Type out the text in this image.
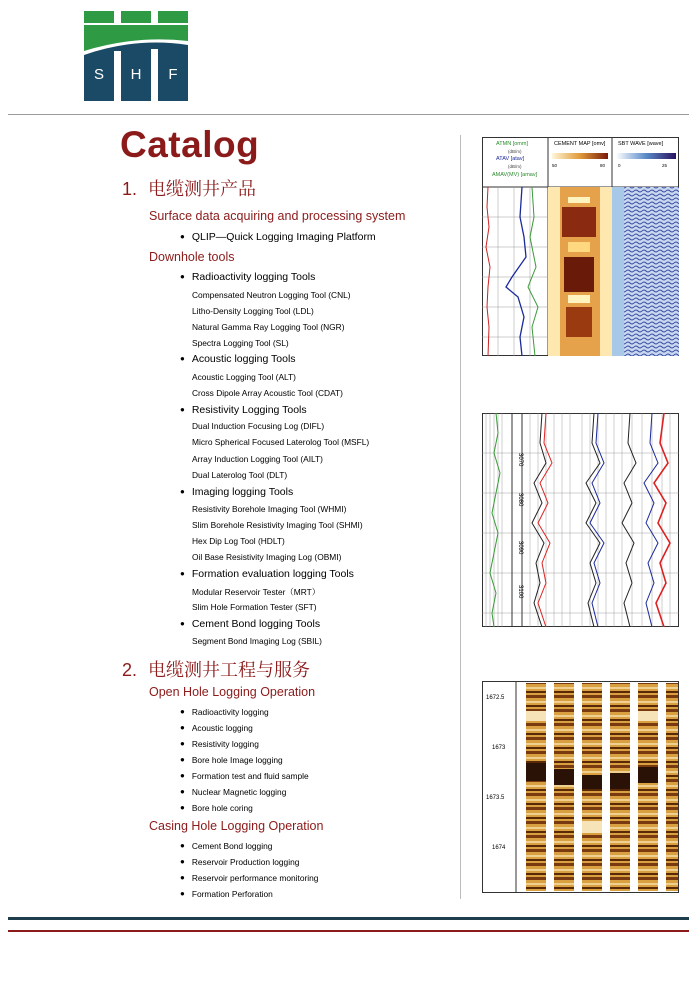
S H F
Catalog
1. 电缆测井产品
Surface data acquiring and processing system
● QLIP—Quick Logging Imaging Platform
Downhole tools
● Radioactivity logging Tools
Compensated Neutron Logging Tool (CNL)
Litho-Density Logging Tool (LDL)
Natural Gamma Ray Logging Tool (NGR)
Spectra Logging Tool (SL)
● Acoustic logging Tools
Acoustic Logging Tool (ALT)
Cross Dipole Array Acoustic Tool (CDAT)
● Resistivity Logging Tools
Dual Induction Focusing Log (DIFL)
Micro Spherical Focused Laterolog Tool (MSFL)
Array Induction Logging Tool (AILT)
Dual Laterolog Tool (DLT)
● Imaging logging Tools
Resistivity Borehole Imaging Tool (WHMI)
Slim Borehole Resistivity Imaging Tool (SHMI)
Hex Dip Log Tool (HDLT)
Oil Base Resistivity Imaging Log (OBMI)
● Formation evaluation logging Tools
Modular Reservoir Tester（MRT）
Slim Hole Formation Tester (SFT)
● Cement Bond logging Tools
Segment Bond Imaging Log (SBIL)
2. 电缆测井工程与服务
Open Hole Logging Operation
● Radioactivity logging
● Acoustic logging
● Resistivity logging
● Bore hole Image logging
● Formation test and fluid sample
● Nuclear Magnetic logging
● Bore hole coring
Casing Hole Logging Operation
● Cement Bond logging
● Reservoir Production logging
● Reservoir performance monitoring
● Formation Perforation
ATMN [omm]	CEMENT MAP [omv] SBT WAVE [wave]
(dB/m)
ATAV [atav]
(dB/m)
AMAV(MV) [amav]
50	80	0	25
3070
3080
3090
3100
1672.5
1673
1673.5
1674
